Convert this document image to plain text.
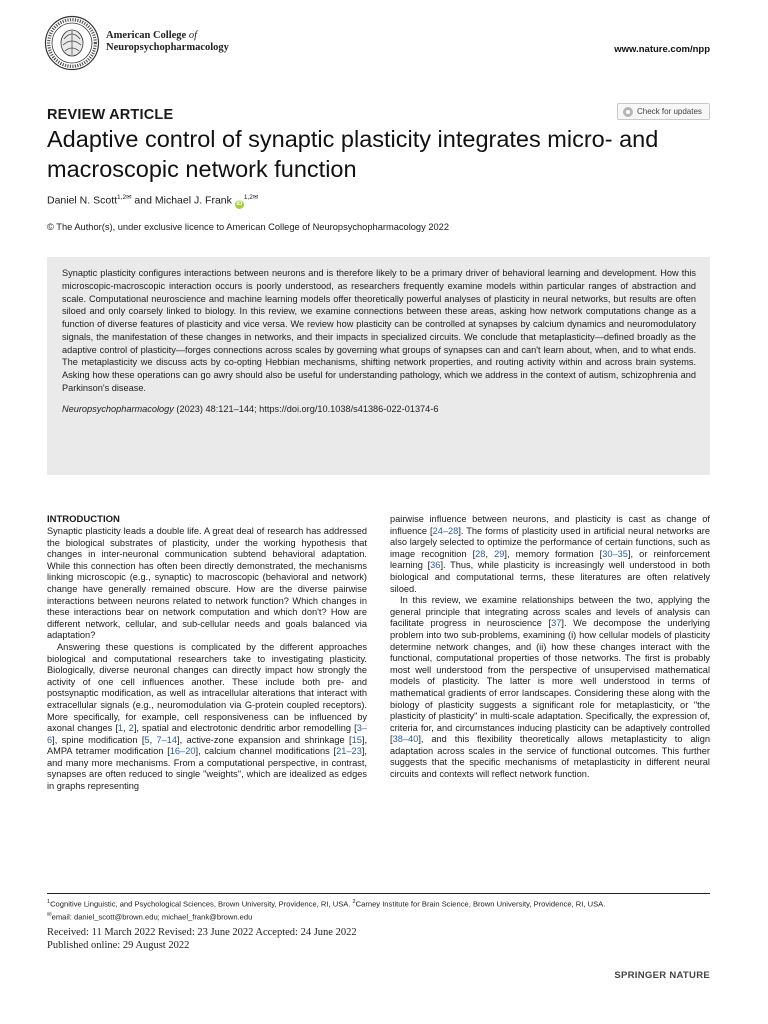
American College of
Neuropsychopharmacology	www.nature.com/npp
REVIEW ARTICLE	Check for updates
Adaptive control of synaptic plasticity integrates micro- and macroscopic network function
Daniel N. Scott$^{1,2✉}$ and Michael J. Frank $iD^{1,2✉}$
© The Author(s), under exclusive licence to American College of Neuropsychopharmacology 2022
Synaptic plasticity configures interactions between neurons and is therefore likely to be a primary driver of behavioral learning and development. How this microscopic-macroscopic interaction occurs is poorly understood, as researchers frequently examine models within particular ranges of abstraction and scale. Computational neuroscience and machine learning models offer theoretically powerful analyses of plasticity in neural networks, but results are often siloed and only coarsely linked to biology. In this review, we examine connections between these areas, asking how network computations change as a function of diverse features of plasticity and vice versa. We review how plasticity can be controlled at synapses by calcium dynamics and neuromodulatory signals, the manifestation of these changes in networks, and their impacts in specialized circuits. We conclude that metaplasticity—defined broadly as the adaptive control of plasticity—forges connections across scales by governing what groups of synapses can and can't learn about, when, and to what ends. The metaplasticity we discuss acts by co-opting Hebbian mechanisms, shifting network properties, and routing activity within and across brain systems. Asking how these operations can go awry should also be useful for understanding pathology, which we address in the context of autism, schizophrenia and Parkinson's disease.
Neuropsychopharmacology (2023) 48:121–144; https://doi.org/10.1038/s41386-022-01374-6
INTRODUCTION

Synaptic plasticity leads a double life. A great deal of research has addressed the biological substrates of plasticity, under the working hypothesis that changes in inter-neuronal communication subtend behavioral adaptation. While this connection has often been directly demonstrated, the mechanisms linking microscopic (e.g., synaptic) to macroscopic (behavioral and network) change have generally remained obscure. How are the diverse pairwise interactions between neurons related to network function? Which changes in these interactions bear on network computation and which don't? How are different network, cellular, and sub-cellular needs and goals balanced via adaptation?

Answering these questions is complicated by the different approaches biological and computational researchers take to investigating plasticity. Biologically, diverse neuronal changes can directly impact how strongly the activity of one cell influences another. These include both pre- and postsynaptic modification, as well as intracellular alterations that interact with extracellular signals (e.g., neuromodulation via G-protein coupled receptors). More specifically, for example, cell responsiveness can be influenced by axonal changes [1, 2], spatial and electrotonic dendritic arbor remodelling [3–6], spine modification [5, 7–14], active-zone expansion and shrinkage [15], AMPA tetramer modification [16–20], calcium channel modifications [21–23], and many more mechanisms. From a computational perspective, in contrast, synapses are often reduced to single "weights", which are idealized as edges in graphs representing

pairwise influence between neurons, and plasticity is cast as change of influence [24–28]. The forms of plasticity used in artificial neural networks are also largely selected to optimize the performance of certain functions, such as image recognition [28, 29], memory formation [30–35], or reinforcement learning [36]. Thus, while plasticity is increasingly well understood in both biological and computational terms, these literatures are often relatively siloed.

In this review, we examine relationships between the two, applying the general principle that integrating across scales and levels of analysis can facilitate progress in neuroscience [37]. We decompose the underlying problem into two sub-problems, examining (i) how cellular models of plasticity determine network changes, and (ii) how these changes interact with the functional, computational properties of those networks. The first is probably most well understood from the perspective of unsupervised mathematical models of plasticity. The latter is more well understood in terms of mathematical gradients of error landscapes. Considering these along with the biology of plasticity suggests a significant role for metaplasticity, or "the plasticity of plasticity" in multi-scale adaptation. Specifically, the expression of, criteria for, and circumstances inducing plasticity can be adaptively controlled [38–40], and this flexibility theoretically allows metaplasticity to align adaptation across scales in the service of functional outcomes. This further suggests that the specific mechanisms of metaplasticity in different neural circuits and contexts will reflect network function.

$^1$Cognitive Linguistic, and Psychological Sciences, Brown University, Providence, RI, USA. $^2$Carney Institute for Brain Science, Brown University, Providence, RI, USA.
✉email: daniel_scott@brown.edu; michael_frank@brown.edu
Received: 11 March 2022 Revised: 23 June 2022 Accepted: 24 June 2022
Published online: 29 August 2022
SPRINGER NATURE
